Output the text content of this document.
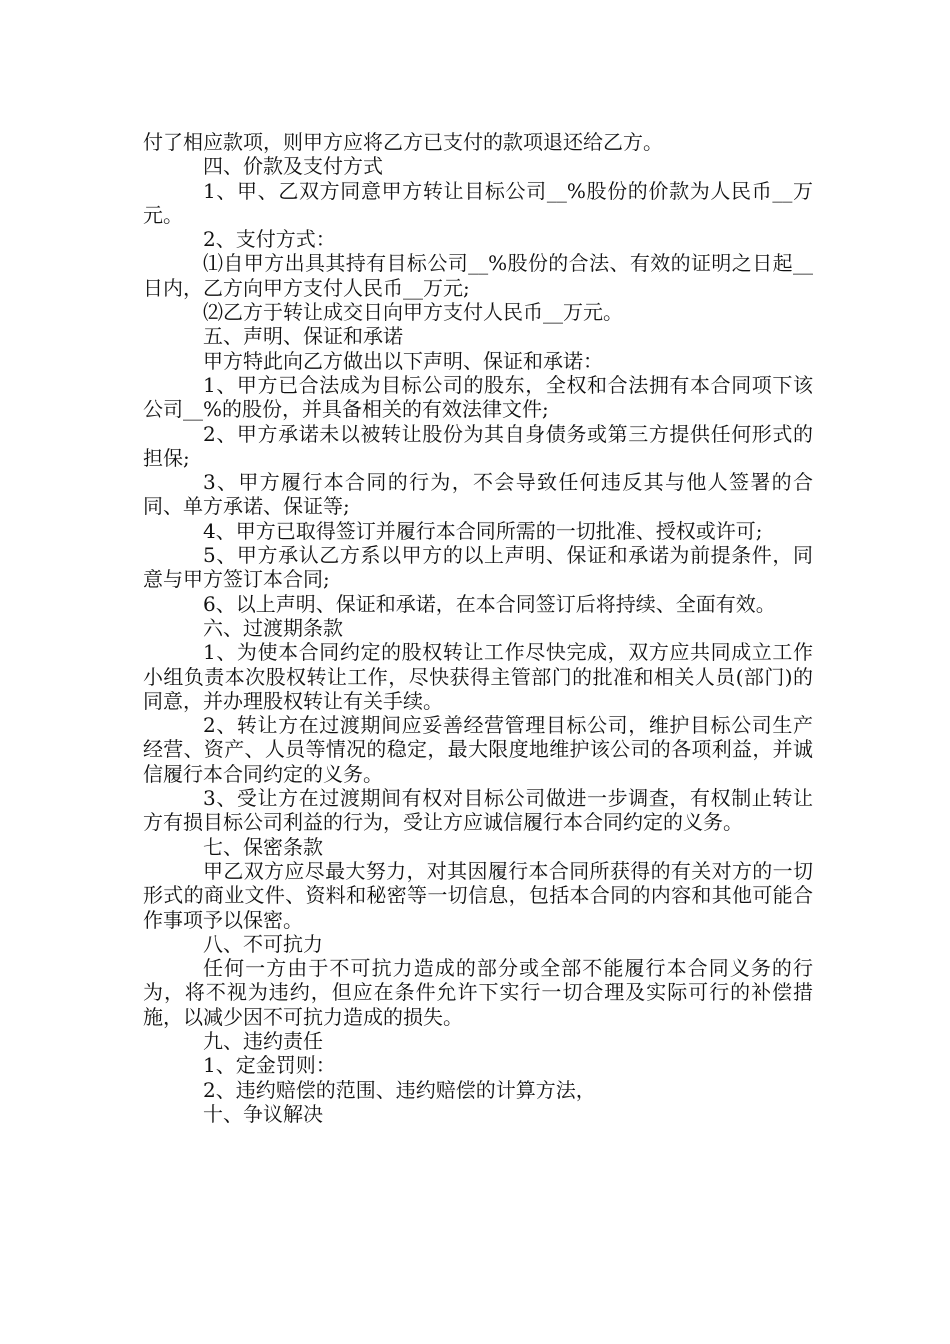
付了相应款项，则甲方应将乙方已支付的款项退还给乙方。

四、价款及支付方式

1、甲、乙双方同意甲方转让目标公司__%股份的价款为人民币__万元。

2、支付方式：

⑴自甲方出具其持有目标公司__%股份的合法、有效的证明之日起__日内，乙方向甲方支付人民币__万元;

⑵乙方于转让成交日向甲方支付人民币__万元。

五、声明、保证和承诺

甲方特此向乙方做出以下声明、保证和承诺：

1、甲方已合法成为目标公司的股东，全权和合法拥有本合同项下该公司__%的股份，并具备相关的有效法律文件;

2、甲方承诺未以被转让股份为其自身债务或第三方提供任何形式的担保;

3、甲方履行本合同的行为，不会导致任何违反其与他人签署的合同、单方承诺、保证等;

4、甲方已取得签订并履行本合同所需的一切批准、授权或许可;

5、甲方承认乙方系以甲方的以上声明、保证和承诺为前提条件，同意与甲方签订本合同;

6、以上声明、保证和承诺，在本合同签订后将持续、全面有效。

六、过渡期条款

1、为使本合同约定的股权转让工作尽快完成，双方应共同成立工作小组负责本次股权转让工作，尽快获得主管部门的批准和相关人员(部门)的同意，并办理股权转让有关手续。

2、转让方在过渡期间应妥善经营管理目标公司，维护目标公司生产经营、资产、人员等情况的稳定，最大限度地维护该公司的各项利益，并诚信履行本合同约定的义务。

3、受让方在过渡期间有权对目标公司做进一步调查，有权制止转让方有损目标公司利益的行为，受让方应诚信履行本合同约定的义务。

七、保密条款

甲乙双方应尽最大努力，对其因履行本合同所获得的有关对方的一切形式的商业文件、资料和秘密等一切信息，包括本合同的内容和其他可能合作事项予以保密。

八、不可抗力

任何一方由于不可抗力造成的部分或全部不能履行本合同义务的行为，将不视为违约，但应在条件允许下实行一切合理及实际可行的补偿措施，以减少因不可抗力造成的损失。

九、违约责任

1、定金罚则：

2、违约赔偿的范围、违约赔偿的计算方法，

十、争议解决
